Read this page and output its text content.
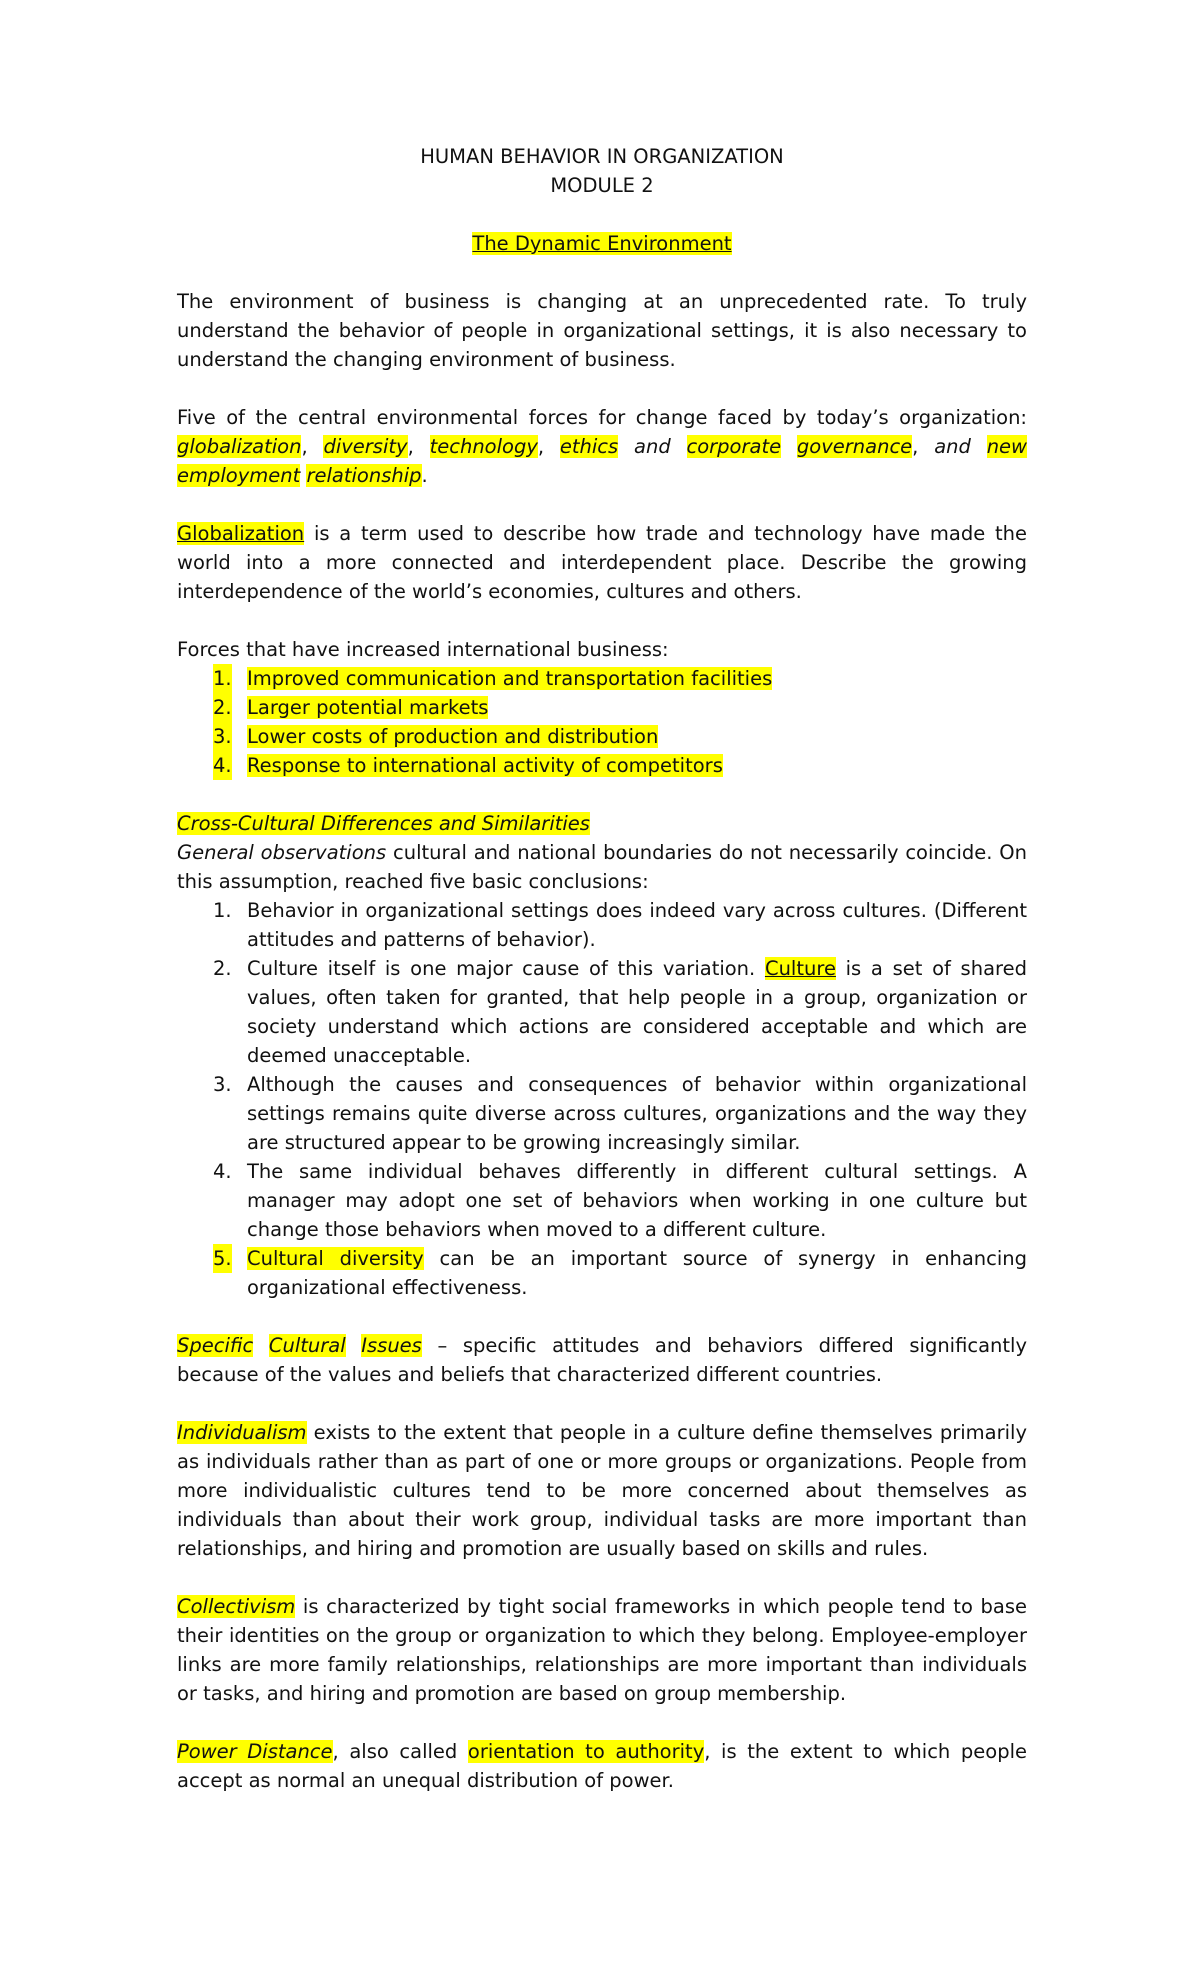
HUMAN BEHAVIOR IN ORGANIZATION

MODULE 2

The Dynamic Environment

The environment of business is changing at an unprecedented rate. To truly understand the behavior of people in organizational settings, it is also necessary to understand the changing environment of business.

Five of the central environmental forces for change faced by today’s organization: globalization, diversity, technology, ethics and corporate governance, and new employment relationship.

Globalization is a term used to describe how trade and technology have made the world into a more connected and interdependent place. Describe the growing interdependence of the world’s economies, cultures and others.

Forces that have increased international business:

1. Improved communication and transportation facilities
2. Larger potential markets
3. Lower costs of production and distribution
4. Response to international activity of competitors

Cross-Cultural Differences and Similarities

General observations cultural and national boundaries do not necessarily coincide. On this assumption, reached five basic conclusions:

1. Behavior in organizational settings does indeed vary across cultures. (Different attitudes and patterns of behavior).
2. Culture itself is one major cause of this variation. Culture is a set of shared values, often taken for granted, that help people in a group, organization or society understand which actions are considered acceptable and which are deemed unacceptable.
3. Although the causes and consequences of behavior within organizational settings remains quite diverse across cultures, organizations and the way they are structured appear to be growing increasingly similar.
4. The same individual behaves differently in different cultural settings. A manager may adopt one set of behaviors when working in one culture but change those behaviors when moved to a different culture.
5. Cultural diversity can be an important source of synergy in enhancing organizational effectiveness.

Specific Cultural Issues – specific attitudes and behaviors differed significantly because of the values and beliefs that characterized different countries.

Individualism exists to the extent that people in a culture define themselves primarily as individuals rather than as part of one or more groups or organizations. People from more individualistic cultures tend to be more concerned about themselves as individuals than about their work group, individual tasks are more important than relationships, and hiring and promotion are usually based on skills and rules.

Collectivism is characterized by tight social frameworks in which people tend to base their identities on the group or organization to which they belong. Employee-employer links are more family relationships, relationships are more important than individuals or tasks, and hiring and promotion are based on group membership.

Power Distance, also called orientation to authority, is the extent to which people accept as normal an unequal distribution of power.
